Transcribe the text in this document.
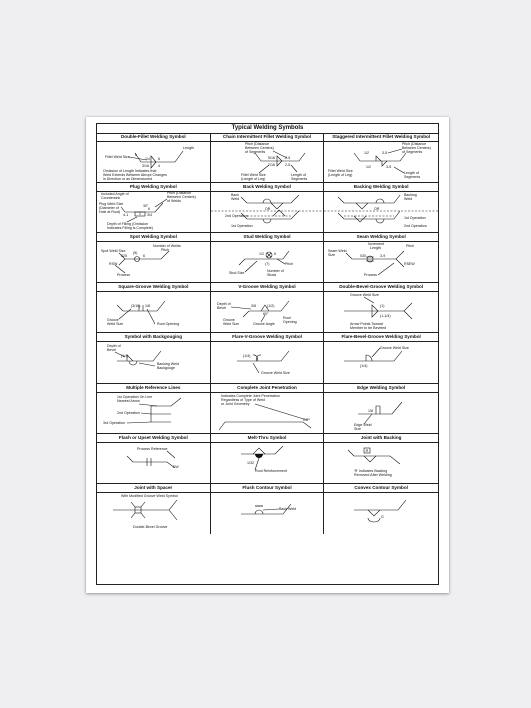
Typical Welding Symbols
Double-Fillet Welding Symbol
Length
Fillet Weld Size	1/4 6
3/16	4
Omission of Length Indicates that
Weld Extends Between Abrupt Changes
in Direction or as Dimensioned
Chain Intermittent Fillet Welding Symbol
Pitch (Distance
Between Centers)
of Segments
5/16	2-5
7/16	2-5
Fillet Weld Size
(Length of Leg)
Length of
Segments
Staggered Intermittent Fillet Welding Symbol
1/2	3-5
1/2	3-5
Pitch (Distance
Between Centers)
of Segments
Fillet Weld Size
(Length of Leg)	Length of
Segments
Plug Welding Symbol
Included Angle of
Countersink
Plug Weld Size
(Diameter of
Hole at Root)
30°
1
6
4-1	3/4
Pitch (Distance
Between Centers)
of Welds
Depth of Filling (Omission
Indicates Filling is Complete)
Back Welding Symbol
Back
Weld
OR
2nd Operation
1st Operation
Backing Welding Symbol
Backing
Weld
OR
1st Operation
2nd Operation
Spot Welding Symbol
Number of Welds
Pitch
Spot Weld Size (5)
025	6
RSW
Process
Stud Welding Symbol
1/2	6
Pitch
(7)
Stud Size	Number of
Studs
Seam Welding Symbol
Increment
Length	Pitch
Seam Weld
Size	030	3-9
RSEW
Process
Square-Groove Welding Symbol
(3/16) 1/8
Groove
Weld Size	Root Opening
V-Groove Welding Symbol
Depth of
Bevel	3/8	(1/2)
60°
Groove
Weld Size	Groove Angle
Root
Opening
Double-Bevel-Groove Welding Symbol
Groove Weld Size
(1)
(1-1/4)
Arrow Points Toward
Member to be Beveled
Symbol with Backgouging
Depth of
Bevel
(1/4)
Backing Weld
Backgouge
Flare-V-Groove Welding Symbol
(1/4)
Groove Weld Size
Flare-Bevel-Groove Welding Symbol
Groove Weld Size
(1/4)
Multiple Reference Lines
1st Operation On Line
Nearest Arrow
2nd Operation
3rd Operation
Complete Joint Penetration
Indicates Complete Joint Penetration
Regardless of Type of Weld
or Joint Geometry
CJP
Edge Welding Symbol
1/8
Edge Weld
Size
Flash or Upset Welding Symbol
Process Reference
FW
Melt-Thru Symbol
1/32
Root Reinforcement
Joint with Backing
R
'R' Indicates Backing
Removed After Welding
Joint with Spacer
With Modified Groove Weld Symbol
Double-Bevel Groove
Flush Contour Symbol
Back Weld
Convex Contour Symbol
G
